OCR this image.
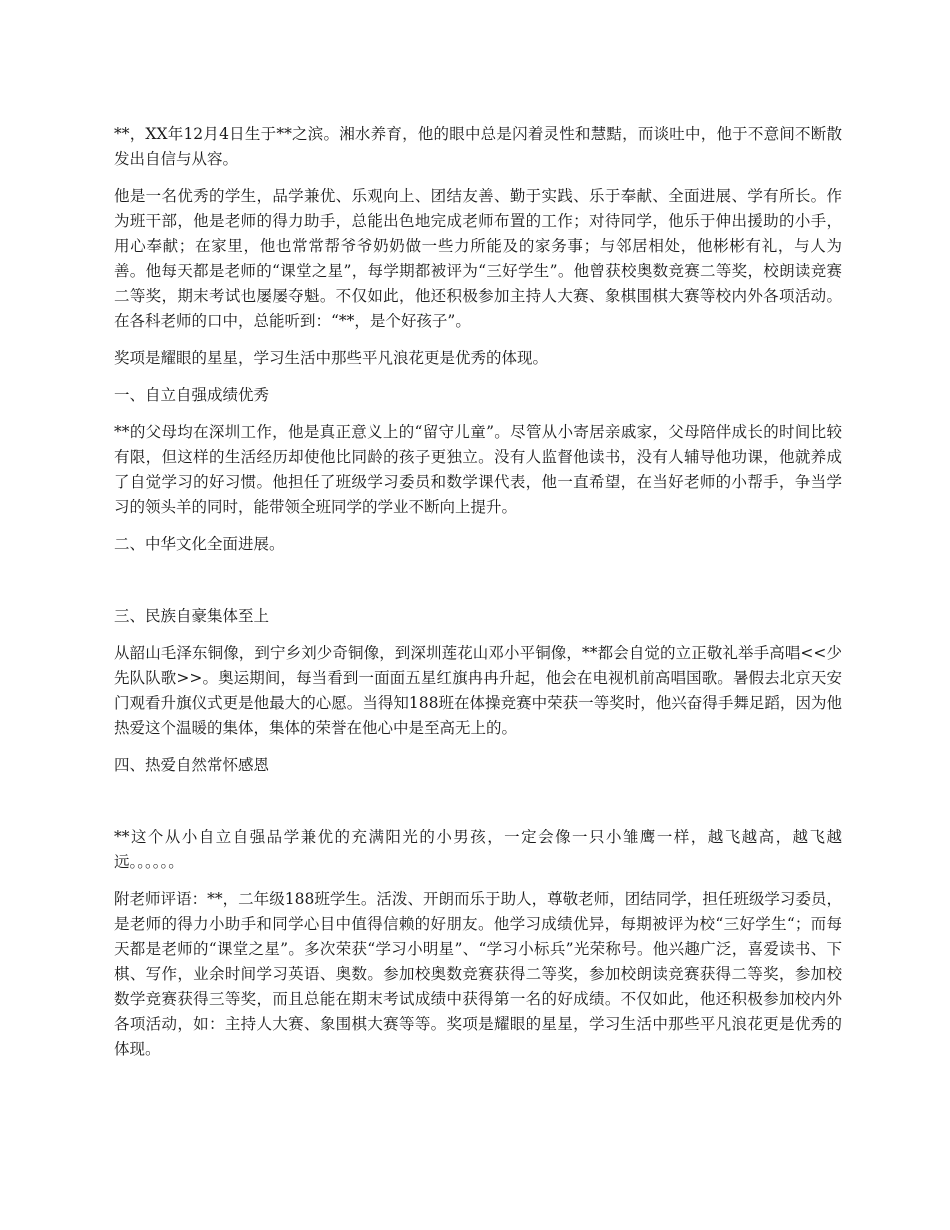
**，XX年12月4日生于**之滨。湘水养育，他的眼中总是闪着灵性和慧黠，而谈吐中，他于不意间不断散发出自信与从容。

他是一名优秀的学生，品学兼优、乐观向上、团结友善、勤于实践、乐于奉献、全面进展、学有所长。作为班干部，他是老师的得力助手，总能出色地完成老师布置的工作；对待同学，他乐于伸出援助的小手，用心奉献；在家里，他也常常帮爷爷奶奶做一些力所能及的家务事；与邻居相处，他彬彬有礼，与人为善。他每天都是老师的“课堂之星”，每学期都被评为“三好学生”。他曾获校奥数竞赛二等奖，校朗读竞赛二等奖，期末考试也屡屡夺魁。不仅如此，他还积极参加主持人大赛、象棋围棋大赛等校内外各项活动。在各科老师的口中，总能听到：“**，是个好孩子”。

奖项是耀眼的星星，学习生活中那些平凡浪花更是优秀的体现。

一、自立自强成绩优秀

**的父母均在深圳工作，他是真正意义上的“留守儿童”。尽管从小寄居亲戚家，父母陪伴成长的时间比较有限，但这样的生活经历却使他比同龄的孩子更独立。没有人监督他读书，没有人辅导他功课，他就养成了自觉学习的好习惯。他担任了班级学习委员和数学课代表，他一直希望，在当好老师的小帮手，争当学习的领头羊的同时，能带领全班同学的学业不断向上提升。

二、中华文化全面进展。

三、民族自豪集体至上

从韶山毛泽东铜像，到宁乡刘少奇铜像，到深圳莲花山邓小平铜像，**都会自觉的立正敬礼举手高唱<<少先队队歌>>。奥运期间，每当看到一面面五星红旗冉冉升起，他会在电视机前高唱国歌。暑假去北京天安门观看升旗仪式更是他最大的心愿。当得知188班在体操竞赛中荣获一等奖时，他兴奋得手舞足蹈，因为他热爱这个温暖的集体，集体的荣誉在他心中是至高无上的。

四、热爱自然常怀感恩

**这个从小自立自强品学兼优的充满阳光的小男孩，一定会像一只小雏鹰一样，越飞越高，越飞越远。。。。。。

附老师评语：**，二年级188班学生。活泼、开朗而乐于助人，尊敬老师，团结同学，担任班级学习委员，是老师的得力小助手和同学心目中值得信赖的好朋友。他学习成绩优异，每期被评为校“三好学生“；而每天都是老师的“课堂之星”。多次荣获“学习小明星”、“学习小标兵”光荣称号。他兴趣广泛，喜爱读书、下棋、写作，业余时间学习英语、奥数。参加校奥数竞赛获得二等奖，参加校朗读竞赛获得二等奖，参加校数学竞赛获得三等奖，而且总能在期末考试成绩中获得第一名的好成绩。不仅如此，他还积极参加校内外各项活动，如：主持人大赛、象围棋大赛等等。奖项是耀眼的星星，学习生活中那些平凡浪花更是优秀的体现。
